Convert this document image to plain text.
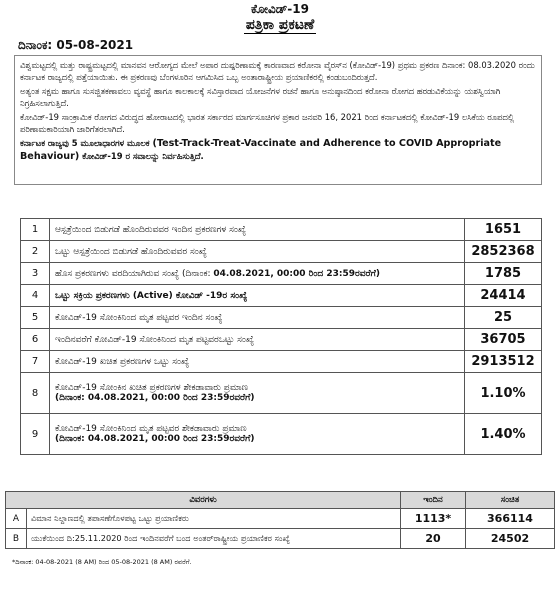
ಕೋವಿಡ್-19
ಪತ್ರಿಕಾ ಪ್ರಕಟಣೆ
ದಿನಾಂಕ: 05-08-2021

ವಿಶ್ವಮಟ್ಟದಲ್ಲಿ ಮತ್ತು ರಾಷ್ಟ್ರಮಟ್ಟದಲ್ಲಿ ಮಾನವನ ಆರೋಗ್ಯದ ಮೇಲೆ ಅಪಾರ ದುಷ್ಪರಿಣಾಮಕ್ಕೆ ಕಾರಣವಾದ ಕರೋನಾ ವೈರಸ್‌ನ (ಕೋವಿಡ್-19) ಪ್ರಥಮ ಪ್ರಕರಣ ದಿನಾಂಕ: 08.03.2020 ರಂದು ಕರ್ನಾಟಕ ರಾಜ್ಯದಲ್ಲಿ ಪತ್ತೆಯಾಯಿತು. ಈ ಪ್ರಕರಣವು ಬೆಂಗಳೂರಿನ ಆಗಮಿಸಿದ ಒಬ್ಬ ಅಂತಾರಾಷ್ಟ್ರೀಯ ಪ್ರಯಾಣಿಕರಲ್ಲಿ ಕಂಡುಬಂದಿರುತ್ತದೆ.

ಅತ್ಯಂತ ಸಕ್ಷಮ ಹಾಗೂ ಸುಸಜ್ಜಿತಕಣಾವಲು ವ್ಯವಸ್ಥೆ ಹಾಗೂ ಕಾಲಕಾಲಕ್ಕೆ ಸವಿಸ್ತಾರವಾದ ಯೋಜನೆಗಳ ರಚನೆ ಹಾಗೂ ಅನುಷ್ಠಾನದಿಂದ ಕರೋನಾ ರೋಗದ ಹರಡುವಿಕೆಯನ್ನು ಯಶಸ್ವಿಯಾಗಿ ನಿಗ್ರಹಿಸಲಾಗುತ್ತಿದೆ.

ಕೋವಿಡ್-19 ಸಾಂಕ್ರಾಮಿಕ ರೋಗದ ವಿರುದ್ಧದ ಹೋರಾಟದಲ್ಲಿ ಭಾರತ ಸರ್ಕಾರದ ಮಾರ್ಗಸೂಚಿಗಳ ಪ್ರಕಾರ ಜನವರಿ 16, 2021 ರಿಂದ ಕರ್ನಾಟಕದಲ್ಲಿ ಕೋವಿಡ್-19 ಲಸಿಕೆಯ ರೂಪದಲ್ಲಿ ಪರಿಣಾಮಕಾರಿಯಾಗಿ ಜಾರಿಗೆತರಲಾಗಿದೆ.

ಕರ್ನಾಟಕ ರಾಜ್ಯವು 5 ಮೂಲಾಧಾರಗಳ ಮೂಲಕ (Test-Track-Treat-Vaccinate and Adherence to COVID Appropriate Behaviour) ಕೋವಿಡ್-19 ರ ಸವಾಲನ್ನು ನಿರ್ವಹಿಸುತ್ತಿದೆ.

1	ಆಸ್ಪತ್ರೆಯಿಂದ ಬಿಡುಗಡೆ ಹೊಂದಿರುವವರ ಇಂದಿನ ಪ್ರಕರಣಗಳ ಸಂಖ್ಯೆ	1651
2	ಒಟ್ಟು ಆಸ್ಪತ್ರೆಯಿಂದ ಬಿಡುಗಡೆ ಹೊಂದಿರುವವರ ಸಂಖ್ಯೆ	2852368
3	ಹೊಸ ಪ್ರಕರಣಗಳು ವರದಿಯಾಗಿರುವ ಸಂಖ್ಯೆ (ದಿನಾಂಕ: 04.08.2021, 00:00 ರಿಂದ 23:59ರವರೆಗೆ)	1785
4	ಒಟ್ಟು ಸಕ್ರಿಯ ಪ್ರಕರಣಗಳು (Active) ಕೋವಿಡ್ -19ರ ಸಂಖ್ಯೆ	24414
5	ಕೋವಿಡ್-19 ಸೋಂಕಿನಿಂದ ಮೃತ ಪಟ್ಟವರ ಇಂದಿನ ಸಂಖ್ಯೆ	25
6	ಇಂದಿನವರೆಗೆ ಕೋವಿಡ್-19 ಸೋಂಕಿನಿಂದ ಮೃತ ಪಟ್ಟವರಒಟ್ಟು ಸಂಖ್ಯೆ	36705
7	ಕೋವಿಡ್-19 ಖಚಿತ ಪ್ರಕರಣಗಳ ಒಟ್ಟು ಸಂಖ್ಯೆ	2913512
8	ಕೋವಿಡ್-19 ಸೋಂಕಿನ ಖಚಿತ ಪ್ರಕರಣಗಳ ಶೇಕಡಾವಾರು ಪ್ರಮಾಣ
(ದಿನಾಂಕ: 04.08.2021, 00:00 ರಿಂದ 23:59ರವರೆಗೆ)	1.10%
9	ಕೋವಿಡ್-19 ಸೋಂಕಿನಿಂದ ಮೃತ ಪಟ್ಟವರ ಶೇಕಡಾವಾರು ಪ್ರಮಾಣ
(ದಿನಾಂಕ: 04.08.2021, 00:00 ರಿಂದ 23:59ರವರೆಗೆ)	1.40%
ವಿವರಗಳು		ಇಂದಿನ	ಸಂಚಿತ
A	ವಿಮಾನ ನಿಲ್ದಾಣದಲ್ಲಿ ತಪಾಸಣೆಗೊಳಪಟ್ಟ ಒಟ್ಟು ಪ್ರಯಾಣಿಕರು	1113*	366114
B	ಯುಕೆಯಿಂದ ದಿ:25.11.2020 ರಿಂದ ಇಂದಿನವರೆಗೆ ಬಂದ ಅಂತರ್‌ರಾಷ್ಟ್ರೀಯ ಪ್ರಯಾಣಿಕರ ಸಂಖ್ಯೆ	20	24502
*ದಿನಾಂಕ: 04-08-2021 (8 AM) ರಿಂದ 05-08-2021 (8 AM) ರವರೆಗೆ.
